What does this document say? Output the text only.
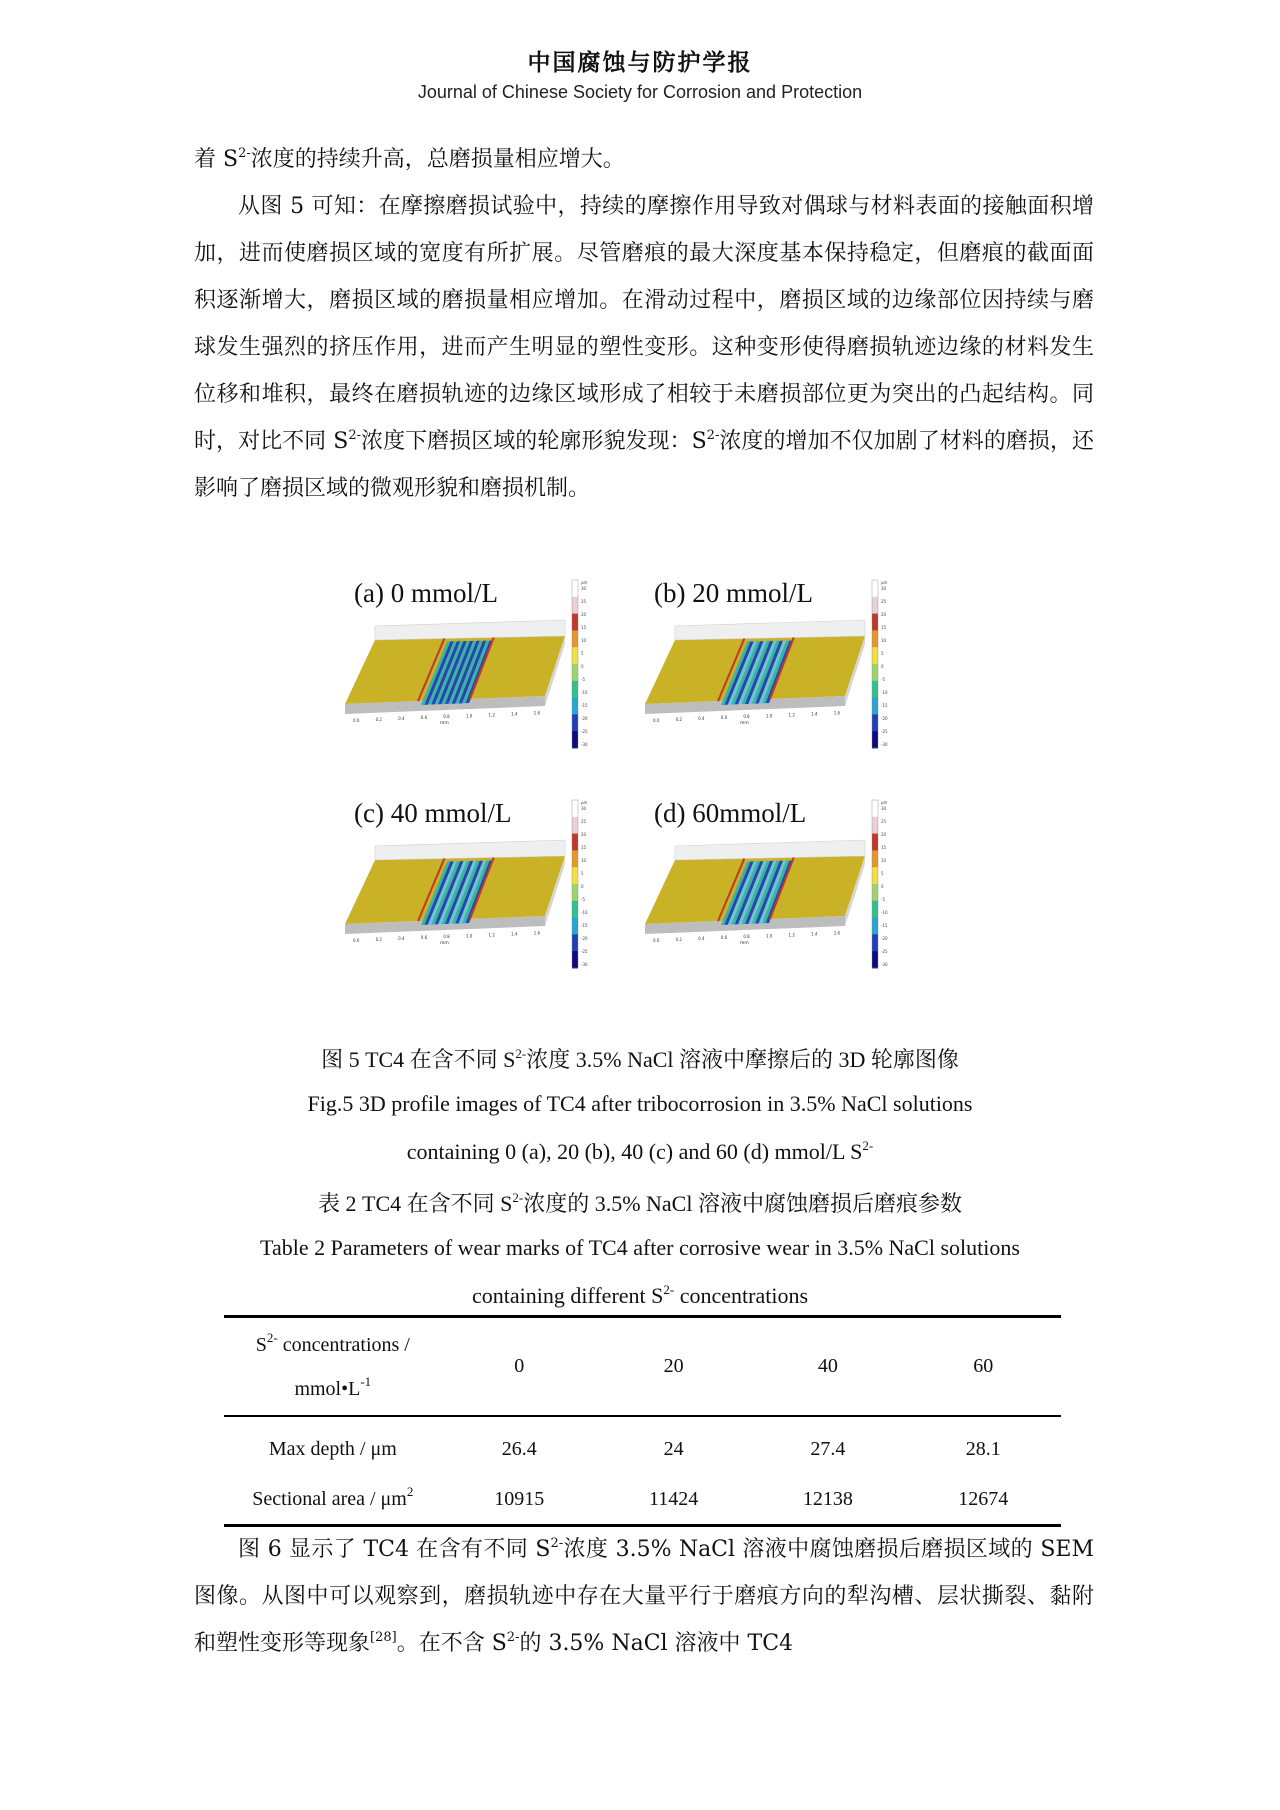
中国腐蚀与防护学报
Journal of Chinese Society for Corrosion and Protection

着 $S^{2-}$浓度的持续升高，总磨损量相应增大。

从图 5 可知：在摩擦磨损试验中，持续的摩擦作用导致对偶球与材料表面的接触面积增加，进而使磨损区域的宽度有所扩展。尽管磨痕的最大深度基本保持稳定，但磨痕的截面面积逐渐增大，磨损区域的磨损量相应增加。在滑动过程中，磨损区域的边缘部位因持续与磨球发生强烈的挤压作用，进而产生明显的塑性变形。这种变形使得磨损轨迹边缘的材料发生位移和堆积，最终在磨损轨迹的边缘区域形成了相较于未磨损部位更为突出的凸起结构。同时，对比不同 $S^{2-}$浓度下磨损区域的轮廓形貌发现：$S^{2-}$浓度的增加不仅加剧了材料的磨损，还影响了磨损区域的微观形貌和磨损机制。

(a) 0 mmol/L
0.0	0.2	0.4	0.6	0.8	1.0	1.2	1.4	1.6
mm
μm
30
25
20
15
10
5
0
-5
-10
-15
-20
-25
-30
(b) 20 mmol/L
0.0	0.2	0.4	0.6	0.8	1.0	1.2	1.4	1.6
mm
μm
30
25
20
15
10
5
0
-5
-10
-15
-20
-25
-30
(c) 40 mmol/L
0.0	0.2	0.4	0.6	0.8	1.0	1.2	1.4	1.6
mm
μm
30
25
20
15
10
5
0
-5
-10
-15
-20
-25
-30
(d) 60mmol/L
0.0	0.2	0.4	0.6	0.8	1.0	1.2	1.4	1.6
mm
μm
30
25
20
15
10
5
0
-5
-10
-15
-20
-25
-30
图 5 TC4 在含不同 $S^{2-}$浓度 3.5% NaCl 溶液中摩擦后的 3D 轮廓图像
Fig.5 3D profile images of TC4 after tribocorrosion in 3.5% NaCl solutions
containing 0 (a), 20 (b), 40 (c) and 60 (d) mmol/L $S^{2-}$
表 2 TC4 在含不同 $S^{2-}$浓度的 3.5% NaCl 溶液中腐蚀磨损后磨痕参数
Table 2 Parameters of wear marks of TC4 after corrosive wear in 3.5% NaCl solutions
containing different $S^{2-}$ concentrations
$S^{2-}$ concentrations /
$mmol•L^{-1}$	0	20	40	60
Max depth / μm	26.4	24	27.4	28.1
Sectional area / $\mu m^2$	10915	11424	12138	12674

图 6 显示了 TC4 在含有不同 $S^{2-}$浓度 3.5% NaCl 溶液中腐蚀磨损后磨损区域的 SEM 图像。从图中可以观察到，磨损轨迹中存在大量平行于磨痕方向的犁沟槽、层状撕裂、黏附和塑性变形等现象[28]。在不含 $S^{2-}$的 3.5% NaCl 溶液中 TC4
